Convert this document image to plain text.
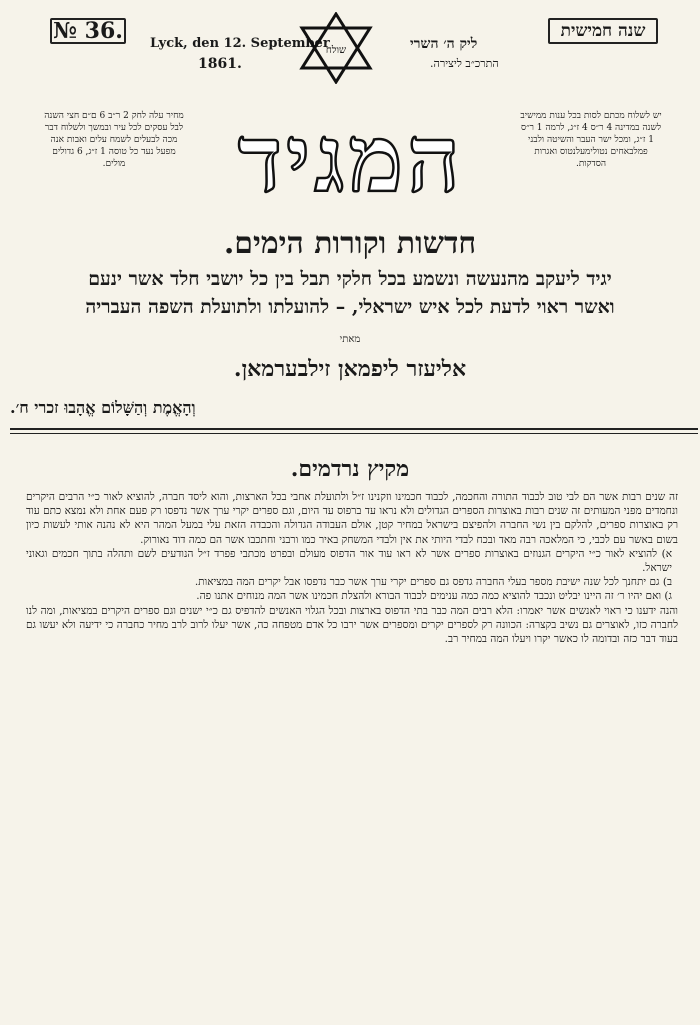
№ 36.	שנה חמישית
Lyck, den 12. September
1861.
שולח	ליק ה׳ השרי
התרכ״ב ליצירה.
מחיר עלה לחק 2 ר״ב 6 ם״ם חצי השנה לבל עסקים לכל עיר ובמשך ולשלוח דבר מכה לבעלים לשמח עלים ואבות אנה מפעל נעד כל טוסה 1 ז״ג, 6 גדולים מולים.
יש לשלוח מכתם לסות בכל ענות ממישיב לשנה במדינה 4 ר״ס 4 ז״ג, לרמה 1 ר״ס 1 ז״ג, ומכל ישר העבר והשיטה ולבני פמלבאחים נטולימעלנטוס ואגרות הסדקות.
המגיד
חדשות וקורות הימים.
יגיד ליעקב מהנעשה ונשמע בכל חלקי תבל בין כל יושבי חלד אשר ינעם
ואשר ראוי לדעת לכל איש ישראלי, – להועלתו ולתועלת השפה העבריה
מאתי
אליעזר ליפמאן זילבערמאן.
וְהָאֱמֶת וְהַשָּׁלוֹם אֱהָבוּ זכרי ח׳.
מקיץ נרדמים.

זה שנים רבות אשר הם לבי טוב לכבוד התורה והחכמה, לכבוד חכמינו וזקנינו ז״ל ולתועלת אחבי בכל הארצות, והוא ליסד חברה, להוציא לאור כ״י הרבים היקרים ונחמדים מפני המעותים זה שנים רבות באוצרות הספרים הגדולים ולא נראו עד ברפוס עד היום, וגם ספרים יקרי ערך אשר נדפסו רק פעם אחת ולא נמצא כתם עוד רק באוצרות ספרים, להלקם בין נשי החברה ולהפיצם בישראל במחיר קטן, אולם העבודה הגדולה והכבדה הזאת עלי במעל המהר היא לא נהנה אותי לעשות כיון בשום באשר עם לכבי, כי המלאכה רבה מאד ובכח לבדי היותי את אין ולבדי המשחק באיר כמו ורבני וחתכבו אשר הם כמה דוד נאורוק.

א) להוציא לאור כ״י היקרים הגנוזים באוצרות ספרים אשר לא ראו עוד אור הדפוס מעולם ובפרט מכתבי פפרד ז״ל הנודעים לשם ותהלה בתוך חכמים וגאוני ישראל.

ב) גם יתחנך לכל שנה ישיבת מספר בעלי החברה גדפס גם ספרים יקרי ערך אשר כבר נדפסו אבל יקרים המה במציאות.

ג) ואם יהיו ר׳ זה היינו יבליט ונכבד להוציא כמה כמה ענימים לכבוד הבורא ולהצלת חכמינו אשר המה מנוחים אתנו פה.

והנה ידענו כי ראוי לאנשים אשר יאמרו: הלא רבים המה כבר בתי הדפוס בארצות ובכל הגלוי האנשים להדפיס גם כ״י ישנים וגם ספרים היקרים במציאות, ומה לנו לחברה כזו, לאוצרים גם נשיב בקצרה: הכוונה רק לספרים יקרים ומספרים אשר ירבו כל אדם מטפחה כה, אשר יעלו לרוב לרב מחיר כחברה כי ידיעה ולא יעשו גם בעוד דבר כזה ובדומה לו כאשר יקרו ויעלו המה במחיר רב.
